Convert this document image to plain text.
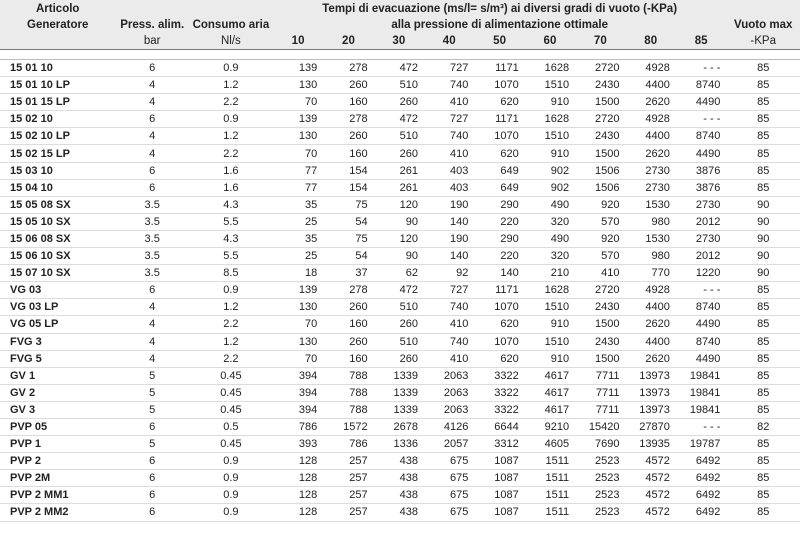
Articolo			Tempi di evacuazione (ms/l= s/m³) ai diversi gradi di vuoto (-KPa)									
Generatore	Press. alim.	Consumo aria	alla pressione di alimentazione ottimale									Vuoto max
	bar	Nl/s	10	20	30	40	50	60	70	80	85	-KPa

15 01 10	6	0.9	139	278	472	727	1171	1628	2720	4928	- - -	85
15 01 10 LP	4	1.2	130	260	510	740	1070	1510	2430	4400	8740	85
15 01 15 LP	4	2.2	70	160	260	410	620	910	1500	2620	4490	85
15 02 10	6	0.9	139	278	472	727	1171	1628	2720	4928	- - -	85
15 02 10 LP	4	1.2	130	260	510	740	1070	1510	2430	4400	8740	85
15 02 15 LP	4	2.2	70	160	260	410	620	910	1500	2620	4490	85
15 03 10	6	1.6	77	154	261	403	649	902	1506	2730	3876	85
15 04 10	6	1.6	77	154	261	403	649	902	1506	2730	3876	85
15 05 08 SX	3.5	4.3	35	75	120	190	290	490	920	1530	2730	90
15 05 10 SX	3.5	5.5	25	54	90	140	220	320	570	980	2012	90
15 06 08 SX	3.5	4.3	35	75	120	190	290	490	920	1530	2730	90
15 06 10 SX	3.5	5.5	25	54	90	140	220	320	570	980	2012	90
15 07 10 SX	3.5	8.5	18	37	62	92	140	210	410	770	1220	90
VG 03	6	0.9	139	278	472	727	1171	1628	2720	4928	- - -	85
VG 03 LP	4	1.2	130	260	510	740	1070	1510	2430	4400	8740	85
VG 05 LP	4	2.2	70	160	260	410	620	910	1500	2620	4490	85
FVG 3	4	1.2	130	260	510	740	1070	1510	2430	4400	8740	85
FVG 5	4	2.2	70	160	260	410	620	910	1500	2620	4490	85
GV 1	5	0.45	394	788	1339	2063	3322	4617	7711	13973	19841	85
GV 2	5	0.45	394	788	1339	2063	3322	4617	7711	13973	19841	85
GV 3	5	0.45	394	788	1339	2063	3322	4617	7711	13973	19841	85
PVP 05	6	0.5	786	1572	2678	4126	6644	9210	15420	27870	- - -	82
PVP 1	5	0.45	393	786	1336	2057	3312	4605	7690	13935	19787	85
PVP 2	6	0.9	128	257	438	675	1087	1511	2523	4572	6492	85
PVP 2M	6	0.9	128	257	438	675	1087	1511	2523	4572	6492	85
PVP 2 MM1	6	0.9	128	257	438	675	1087	1511	2523	4572	6492	85
PVP 2 MM2	6	0.9	128	257	438	675	1087	1511	2523	4572	6492	85
